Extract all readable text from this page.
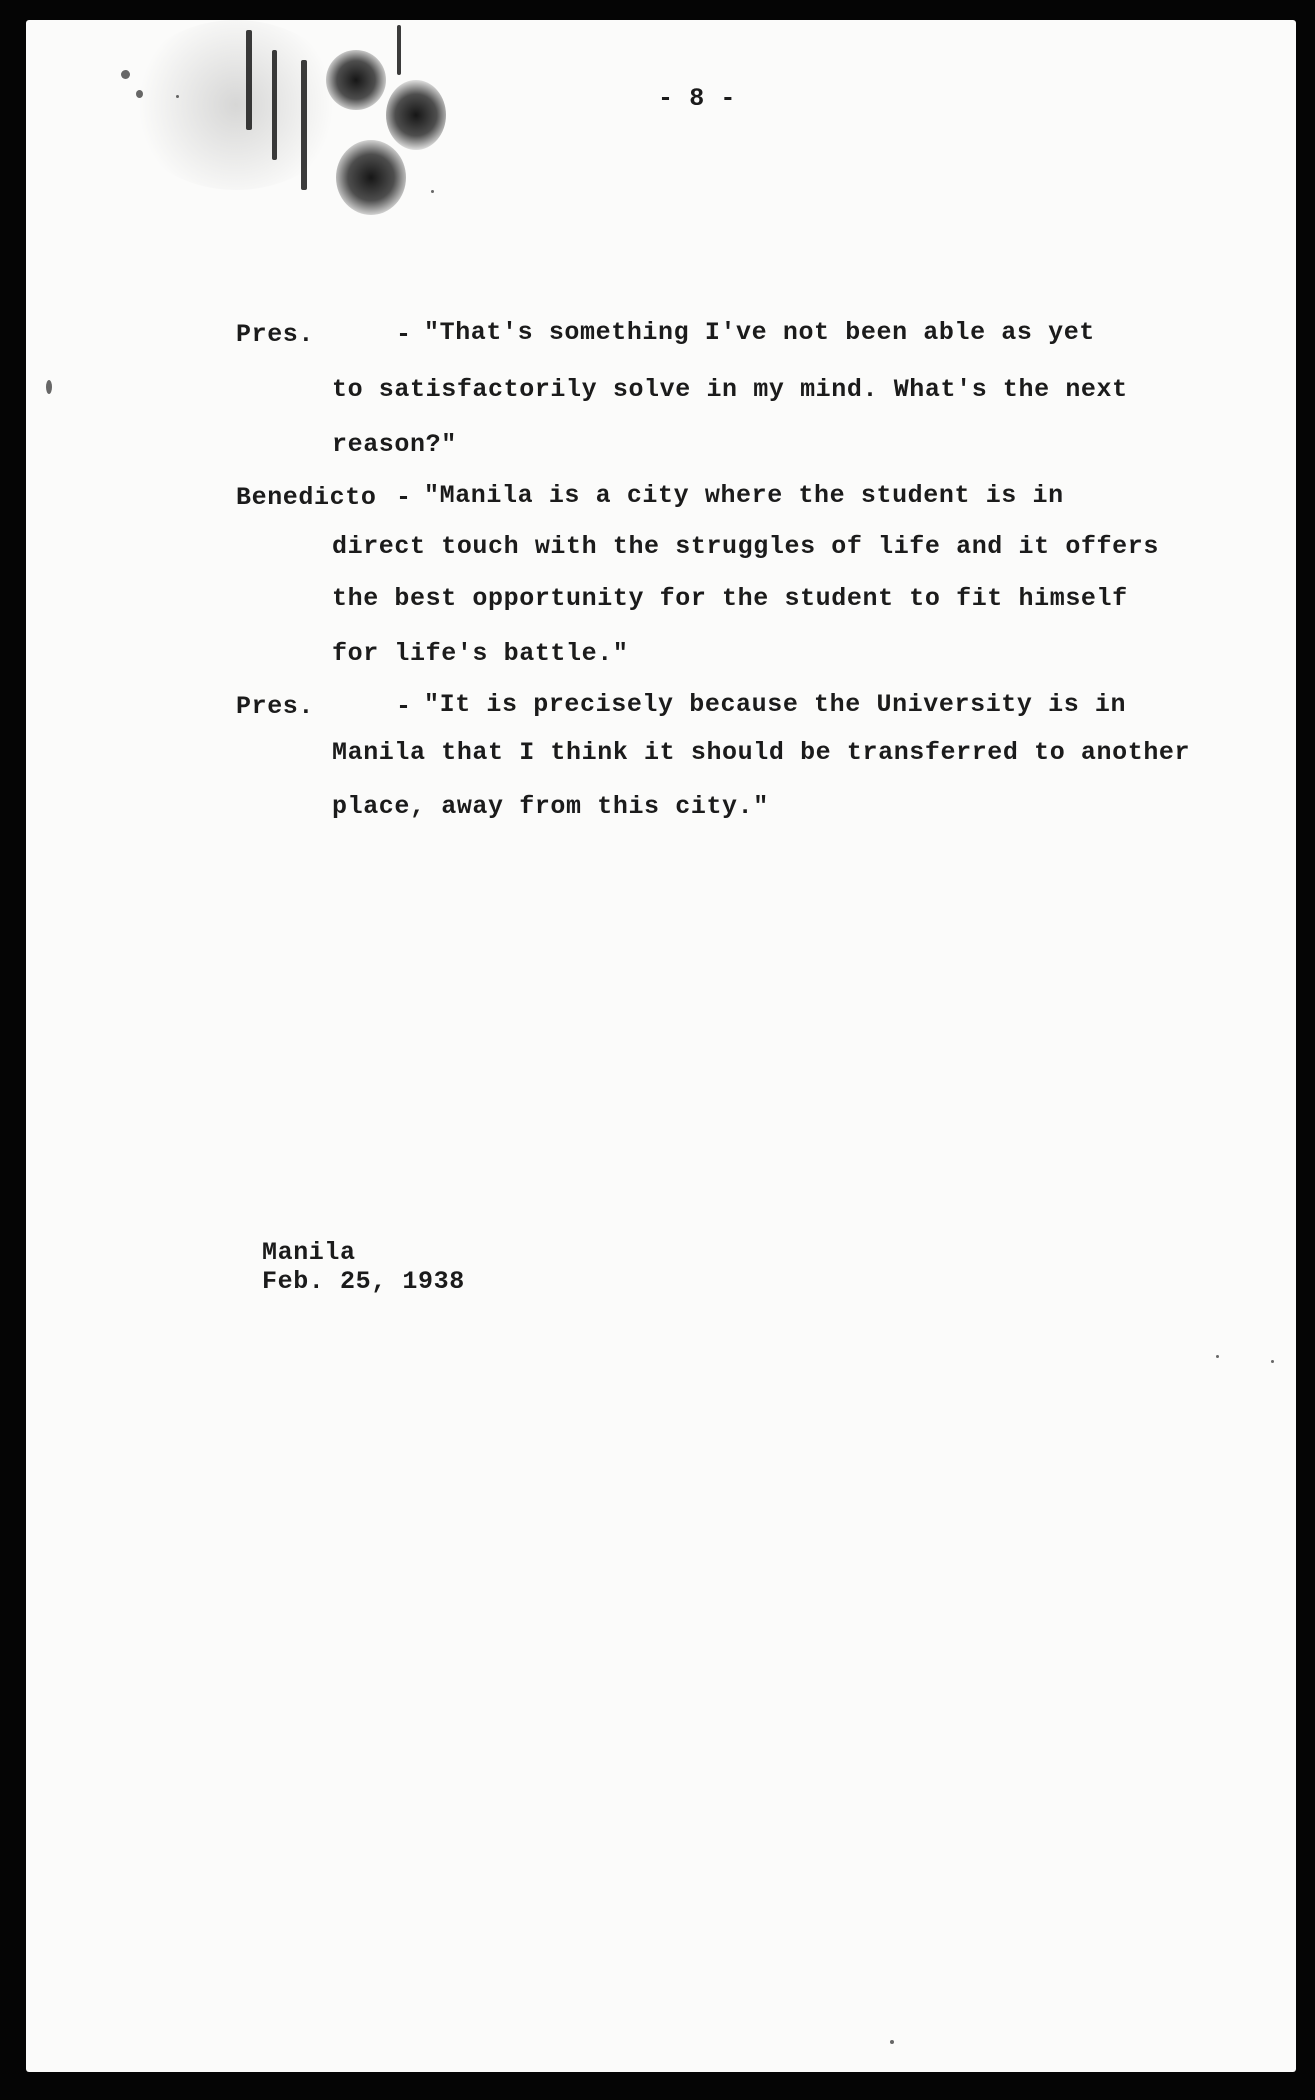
- 8 -
Pres.	- "That's something I've not been able as yet
to satisfactorily solve in my mind. What's the next
reason?"
Benedicto - "Manila is a city where the student is in
direct touch with the struggles of life and it offers
the best opportunity for the student to fit himself
for life's battle."
Pres.	- "It is precisely because the University is in
Manila that I think it should be transferred to another
place, away from this city."
Manila
Feb. 25, 1938
